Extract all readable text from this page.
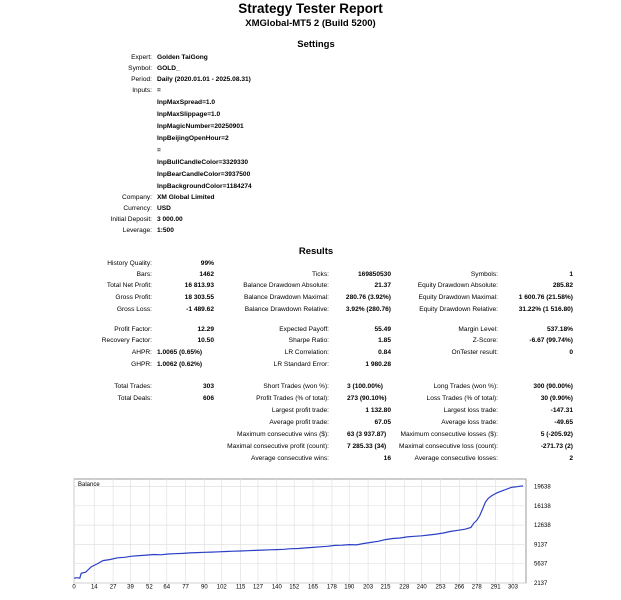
Strategy Tester Report
XMGlobal-MT5 2 (Build 5200)
Settings
Expert: Golden TaiGong
Symbol: GOLD_
Period: Daily (2020.01.01 - 2025.08.31)
Inputs: =
InpMaxSpread=1.0
InpMaxSlippage=1.0
InpMagicNumber=20250901
InpBeijingOpenHour=2
=
InpBullCandleColor=3329330
InpBearCandleColor=3937500
InpBackgroundColor=1184274
Company: XM Global Limited
Currency: USD
Initial Deposit: 3 000.00
Leverage: 1:500
Results
History Quality:	99%
Bars:	1462	Ticks:	169850530	Symbols:	1
Total Net Profit:	16 813.93	Balance Drawdown Absolute:	21.37	Equity Drawdown Absolute:	285.82
Gross Profit:	18 303.55	Balance Drawdown Maximal:	280.76 (3.92%)	Equity Drawdown Maximal:	1 600.76 (21.58%)
Gross Loss:	-1 489.62	Balance Drawdown Relative:	3.92% (280.76)	Equity Drawdown Relative:	31.22% (1 516.80)
Profit Factor:	12.29	Expected Payoff:	55.49	Margin Level:	537.18%
Recovery Factor:	10.50	Sharpe Ratio:	1.85	Z-Score:	-6.67 (99.74%)
AHPR: 1.0065 (0.65%)	LR Correlation:	0.84	OnTester result:	0
GHPR: 1.0062 (0.62%)	LR Standard Error:	1 980.28
Total Trades:	303	Short Trades (won %):	3 (100.00%)	Long Trades (won %):	300 (90.00%)
Total Deals:	606	Profit Trades (% of total):	273 (90.10%)	Loss Trades (% of total):	30 (9.90%)
Largest profit trade:	1 132.80	Largest loss trade:	-147.31
Average profit trade:	67.05	Average loss trade:	-49.65
Maximum consecutive wins ($):	63 (3 937.87) Maximum consecutive losses ($):	5 (-205.92)
Maximal consecutive profit (count):	7 285.33 (34) Maximal consecutive loss (count):	-271.73 (2)
Average consecutive wins:	16	Average consecutive losses:	2
2137
5637
9137
12638
16138
19638
0	14 27 39 52 64 77 90 102 115 127 140 152 165 178 190 203 215 228 240 253 266 278 291 303
Balance
